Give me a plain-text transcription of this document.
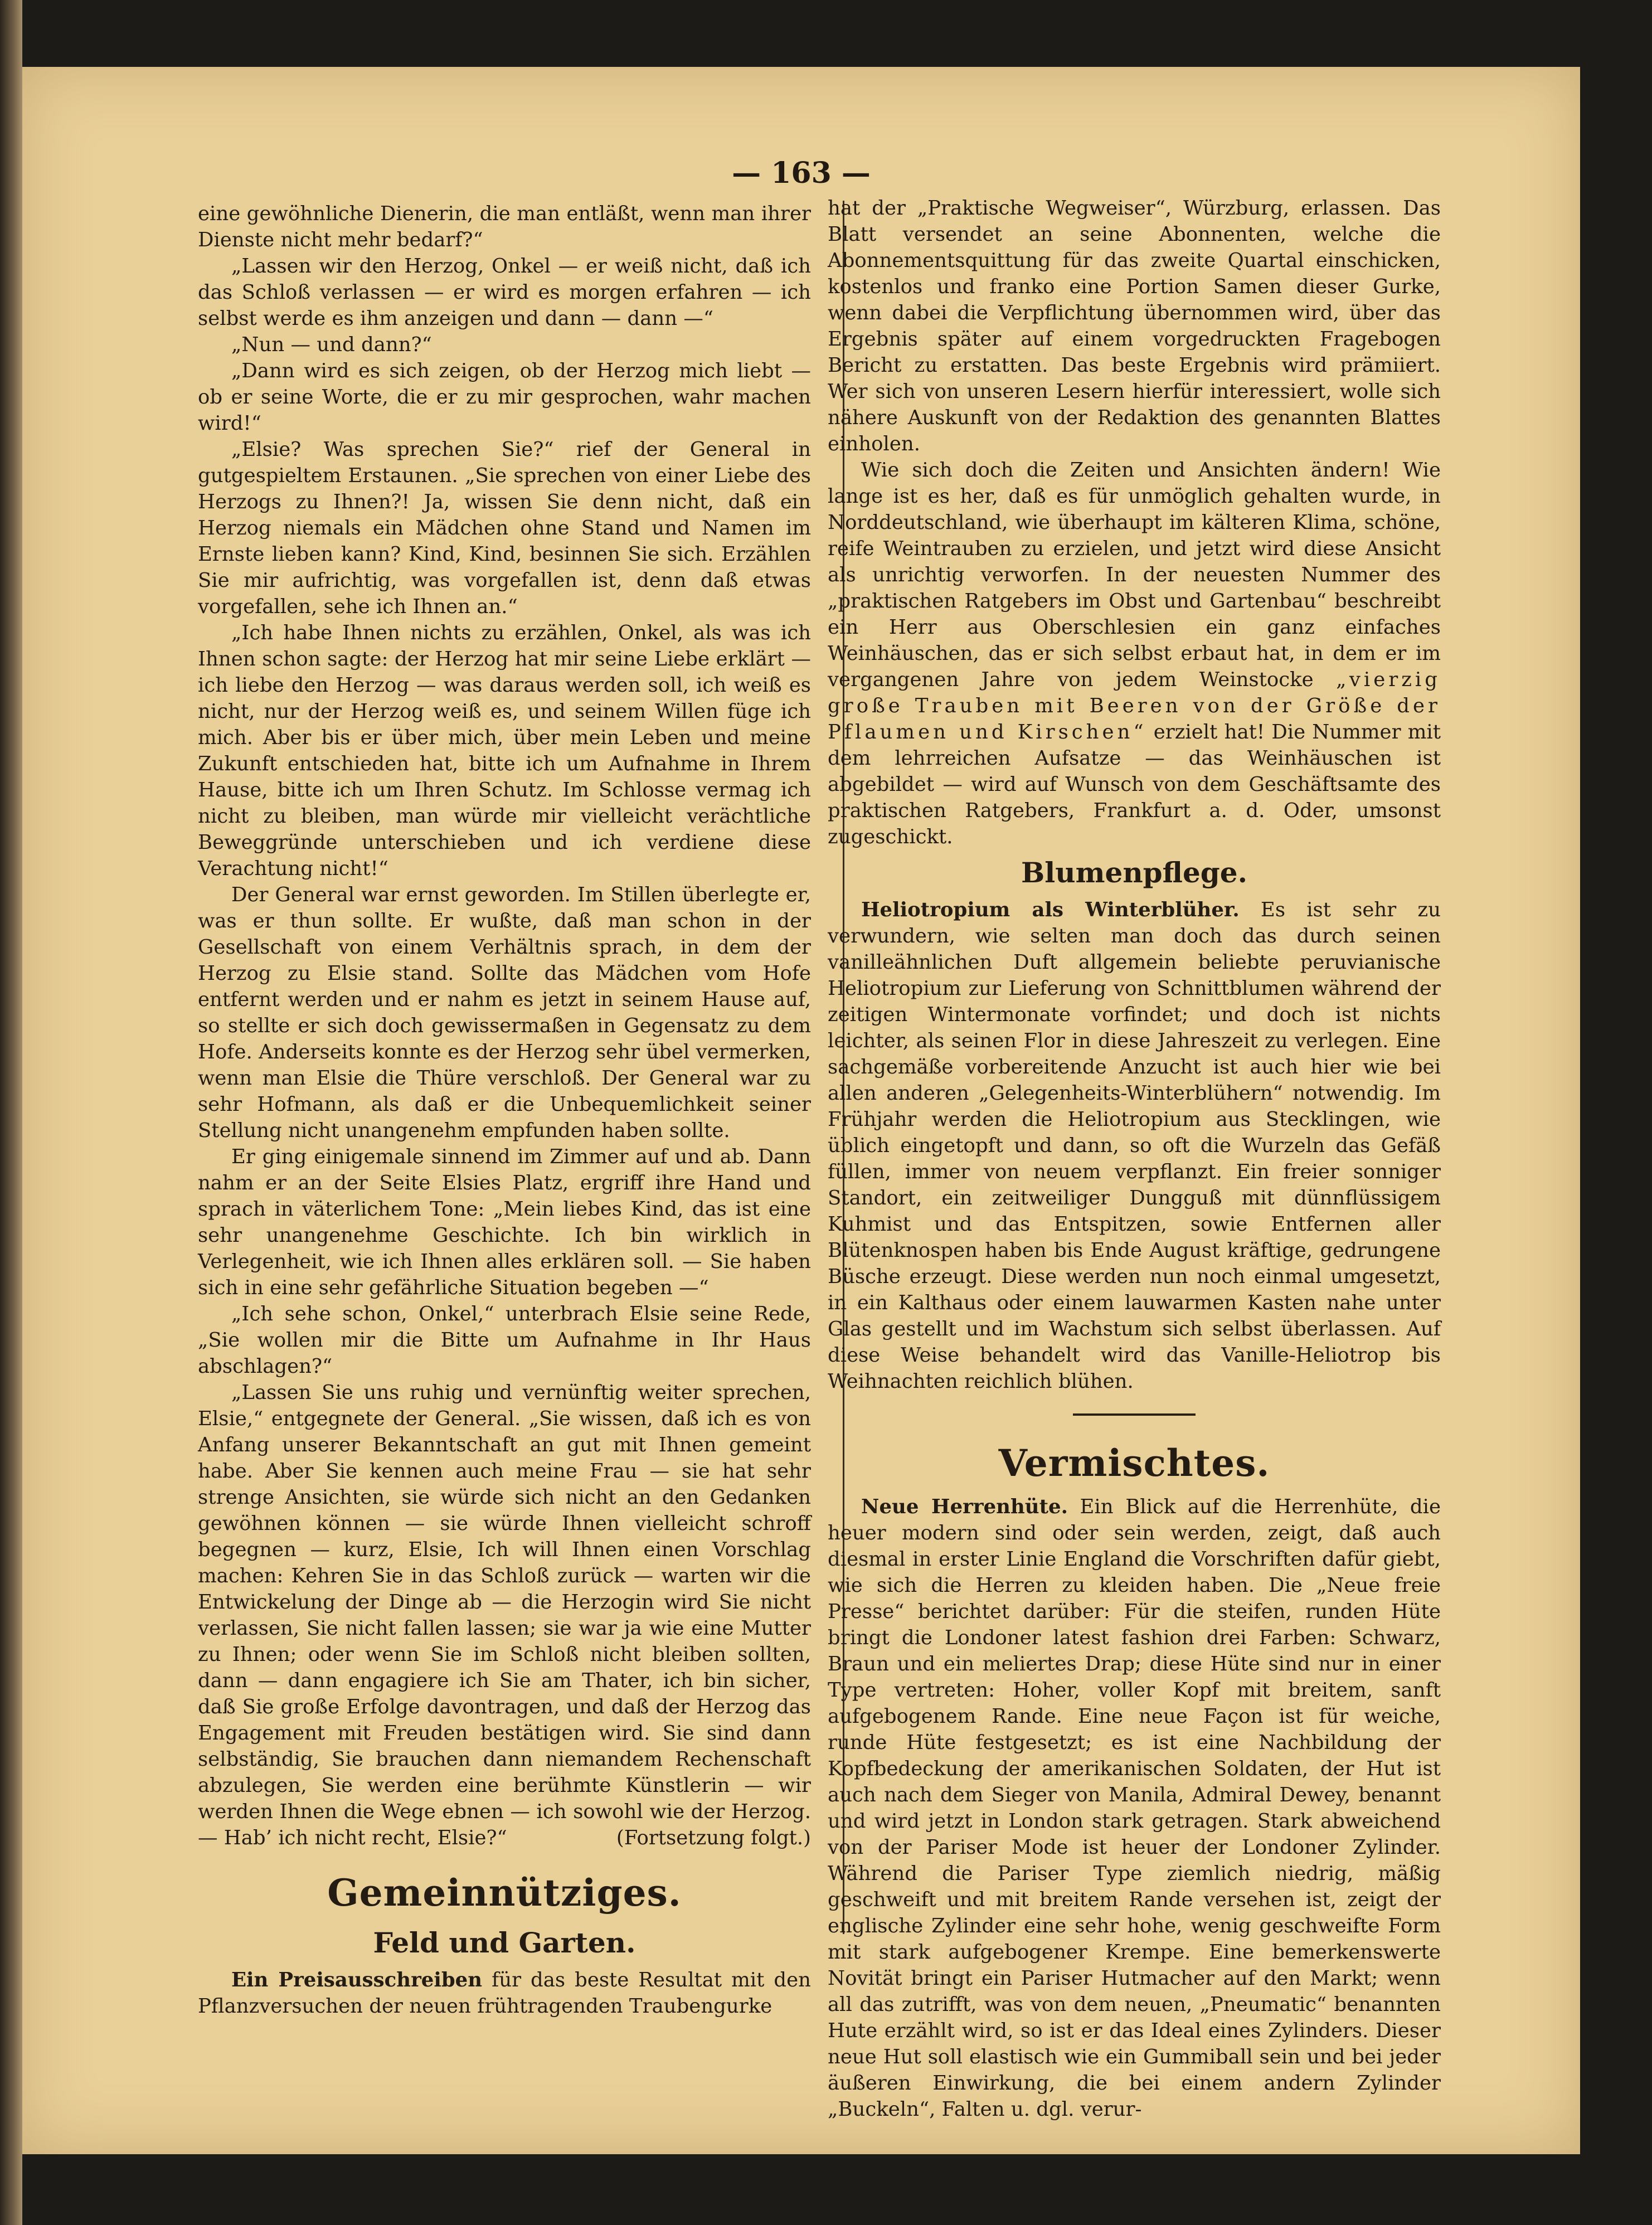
— 163 —

eine gewöhnliche Dienerin, die man entläßt, wenn man ihrer Dienste nicht mehr bedarf?“

„Lassen wir den Herzog, Onkel — er weiß nicht, daß ich das Schloß verlassen — er wird es morgen erfahren — ich selbst werde es ihm anzeigen und dann — dann —“

„Nun — und dann?“

„Dann wird es sich zeigen, ob der Herzog mich liebt — ob er seine Worte, die er zu mir gesprochen, wahr machen wird!“

„Elsie? Was sprechen Sie?“ rief der General in gutgespieltem Erstaunen. „Sie sprechen von einer Liebe des Herzogs zu Ihnen?! Ja, wissen Sie denn nicht, daß ein Herzog niemals ein Mädchen ohne Stand und Namen im Ernste lieben kann? Kind, Kind, besinnen Sie sich. Erzählen Sie mir aufrichtig, was vorgefallen ist, denn daß etwas vorgefallen, sehe ich Ihnen an.“

„Ich habe Ihnen nichts zu erzählen, Onkel, als was ich Ihnen schon sagte: der Herzog hat mir seine Liebe erklärt — ich liebe den Herzog — was daraus werden soll, ich weiß es nicht, nur der Herzog weiß es, und seinem Willen füge ich mich. Aber bis er über mich, über mein Leben und meine Zukunft entschieden hat, bitte ich um Aufnahme in Ihrem Hause, bitte ich um Ihren Schutz. Im Schlosse vermag ich nicht zu bleiben, man würde mir vielleicht verächtliche Beweggründe unterschieben und ich verdiene diese Verachtung nicht!“

Der General war ernst geworden. Im Stillen überlegte er, was er thun sollte. Er wußte, daß man schon in der Gesellschaft von einem Verhältnis sprach, in dem der Herzog zu Elsie stand. Sollte das Mädchen vom Hofe entfernt werden und er nahm es jetzt in seinem Hause auf, so stellte er sich doch gewissermaßen in Gegensatz zu dem Hofe. Anderseits konnte es der Herzog sehr übel vermerken, wenn man Elsie die Thüre verschloß. Der General war zu sehr Hofmann, als daß er die Unbequemlichkeit seiner Stellung nicht unangenehm empfunden haben sollte.

Er ging einigemale sinnend im Zimmer auf und ab. Dann nahm er an der Seite Elsies Platz, ergriff ihre Hand und sprach in väterlichem Tone: „Mein liebes Kind, das ist eine sehr unangenehme Geschichte. Ich bin wirklich in Verlegenheit, wie ich Ihnen alles erklären soll. — Sie haben sich in eine sehr gefährliche Situation begeben —“

„Ich sehe schon, Onkel,“ unterbrach Elsie seine Rede, „Sie wollen mir die Bitte um Aufnahme in Ihr Haus abschlagen?“

„Lassen Sie uns ruhig und vernünftig weiter sprechen, Elsie,“ entgegnete der General. „Sie wissen, daß ich es von Anfang unserer Bekanntschaft an gut mit Ihnen gemeint habe. Aber Sie kennen auch meine Frau — sie hat sehr strenge Ansichten, sie würde sich nicht an den Gedanken gewöhnen können — sie würde Ihnen vielleicht schroff begegnen — kurz, Elsie, Ich will Ihnen einen Vorschlag machen: Kehren Sie in das Schloß zurück — warten wir die Entwickelung der Dinge ab — die Herzogin wird Sie nicht verlassen, Sie nicht fallen lassen; sie war ja wie eine Mutter zu Ihnen; oder wenn Sie im Schloß nicht bleiben sollten, dann — dann engagiere ich Sie am Thater, ich bin sicher, daß Sie große Erfolge davontragen, und daß der Herzog das Engagement mit Freuden bestätigen wird. Sie sind dann selbständig, Sie brauchen dann niemandem Rechenschaft abzulegen, Sie werden eine berühmte Künstlerin — wir werden Ihnen die Wege ebnen — ich sowohl wie der Herzog. — Hab’ ich nicht recht, Elsie?“	(Fortsetzung folgt.)

Gemeinnütziges.
Feld und Garten.

Ein Preisausschreiben für das beste Resultat mit den Pflanzversuchen der neuen frühtragenden Traubengurke

hat der „Praktische Wegweiser“, Würzburg, erlassen. Das Blatt versendet an seine Abonnenten, welche die Abonnementsquittung für das zweite Quartal einschicken, kostenlos und franko eine Portion Samen dieser Gurke, wenn dabei die Verpflichtung übernommen wird, über das Ergebnis später auf einem vorgedruckten Fragebogen Bericht zu erstatten. Das beste Ergebnis wird prämiiert. Wer sich von unseren Lesern hierfür interessiert, wolle sich nähere Auskunft von der Redaktion des genannten Blattes einholen.

Wie sich doch die Zeiten und Ansichten ändern! Wie lange ist es her, daß es für unmöglich gehalten wurde, in Norddeutschland, wie überhaupt im kälteren Klima, schöne, reife Weintrauben zu erzielen, und jetzt wird diese Ansicht als unrichtig verworfen. In der neuesten Nummer des „praktischen Ratgebers im Obst und Gartenbau“ beschreibt ein Herr aus Oberschlesien ein ganz einfaches Weinhäuschen, das er sich selbst erbaut hat, in dem er im vergangenen Jahre von jedem Weinstocke „vierzig große Trauben mit Beeren von der Größe der Pflaumen und Kirschen“ erzielt hat! Die Nummer mit dem lehrreichen Aufsatze — das Weinhäuschen ist abgebildet — wird auf Wunsch von dem Geschäftsamte des praktischen Ratgebers, Frankfurt a. d. Oder, umsonst zugeschickt.

Blumenpflege.

Heliotropium als Winterblüher. Es ist sehr zu verwundern, wie selten man doch das durch seinen vanilleähnlichen Duft allgemein beliebte peruvianische Heliotropium zur Lieferung von Schnittblumen während der zeitigen Wintermonate vorfindet; und doch ist nichts leichter, als seinen Flor in diese Jahreszeit zu verlegen. Eine sachgemäße vorbereitende Anzucht ist auch hier wie bei allen anderen „Gelegenheits-Winterblühern“ notwendig. Im Frühjahr werden die Heliotropium aus Stecklingen, wie üblich eingetopft und dann, so oft die Wurzeln das Gefäß füllen, immer von neuem verpflanzt. Ein freier sonniger Standort, ein zeitweiliger Dungguß mit dünnflüssigem Kuhmist und das Entspitzen, sowie Entfernen aller Blütenknospen haben bis Ende August kräftige, gedrungene Büsche erzeugt. Diese werden nun noch einmal umgesetzt, in ein Kalthaus oder einem lauwarmen Kasten nahe unter Glas gestellt und im Wachstum sich selbst überlassen. Auf diese Weise behandelt wird das Vanille-Heliotrop bis Weihnachten reichlich blühen.

Vermischtes.

Neue Herrenhüte. Ein Blick auf die Herrenhüte, die heuer modern sind oder sein werden, zeigt, daß auch diesmal in erster Linie England die Vorschriften dafür giebt, wie sich die Herren zu kleiden haben. Die „Neue freie Presse“ berichtet darüber: Für die steifen, runden Hüte bringt die Londoner latest fashion drei Farben: Schwarz, Braun und ein meliertes Drap; diese Hüte sind nur in einer Type vertreten: Hoher, voller Kopf mit breitem, sanft aufgebogenem Rande. Eine neue Façon ist für weiche, runde Hüte festgesetzt; es ist eine Nachbildung der Kopfbedeckung der amerikanischen Soldaten, der Hut ist auch nach dem Sieger von Manila, Admiral Dewey, benannt und wird jetzt in London stark getragen. Stark abweichend von der Pariser Mode ist heuer der Londoner Zylinder. Während die Pariser Type ziemlich niedrig, mäßig geschweift und mit breitem Rande versehen ist, zeigt der englische Zylinder eine sehr hohe, wenig geschweifte Form mit stark aufgebogener Krempe. Eine bemerkenswerte Novität bringt ein Pariser Hutmacher auf den Markt; wenn all das zutrifft, was von dem neuen, „Pneumatic“ benannten Hute erzählt wird, so ist er das Ideal eines Zylinders. Dieser neue Hut soll elastisch wie ein Gummiball sein und bei jeder äußeren Einwirkung, die bei einem andern Zylinder „Buckeln“, Falten u. dgl. verur-
